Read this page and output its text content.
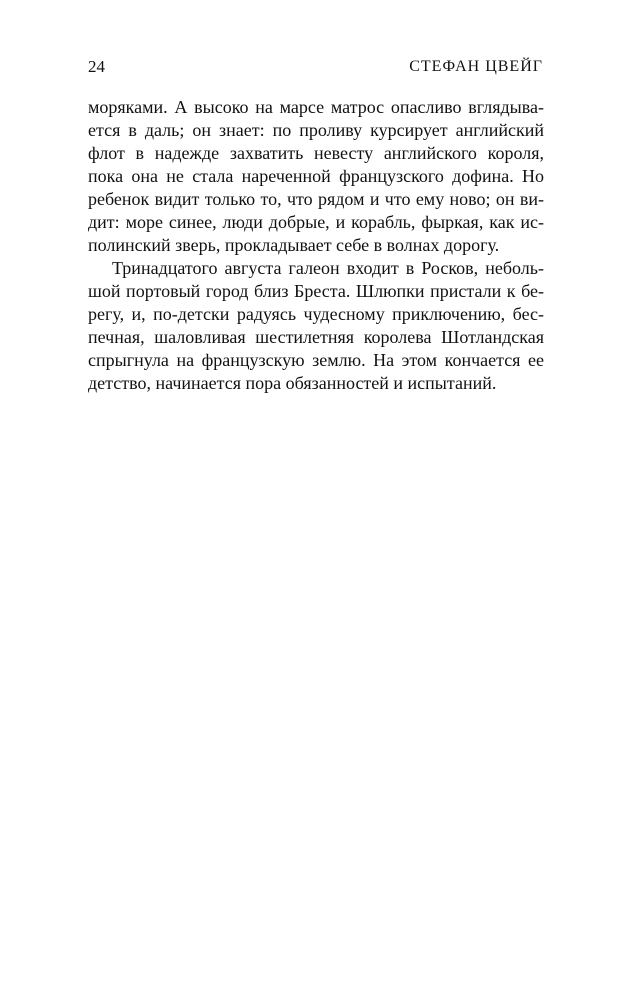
24	СТЕФАН ЦВЕЙГ
моряками. А высоко на марсе матрос опасливо вглядыва-
ется в даль; он знает: по проливу курсирует английский
флот в надежде захватить невесту английского короля,
пока она не стала нареченной французского дофина. Но
ребенок видит только то, что рядом и что ему ново; он ви-
дит: море синее, люди добрые, и корабль, фыркая, как ис-
полинский зверь, прокладывает себе в волнах дорогу.
Тринадцатого августа галеон входит в Росков, неболь-
шой портовый город близ Бреста. Шлюпки пристали к бе-
регу, и, по-детски радуясь чудесному приключению, бес-
печная, шаловливая шестилетняя королева Шотландская
спрыгнула на французскую землю. На этом кончается ее
детство, начинается пора обязанностей и испытаний.
